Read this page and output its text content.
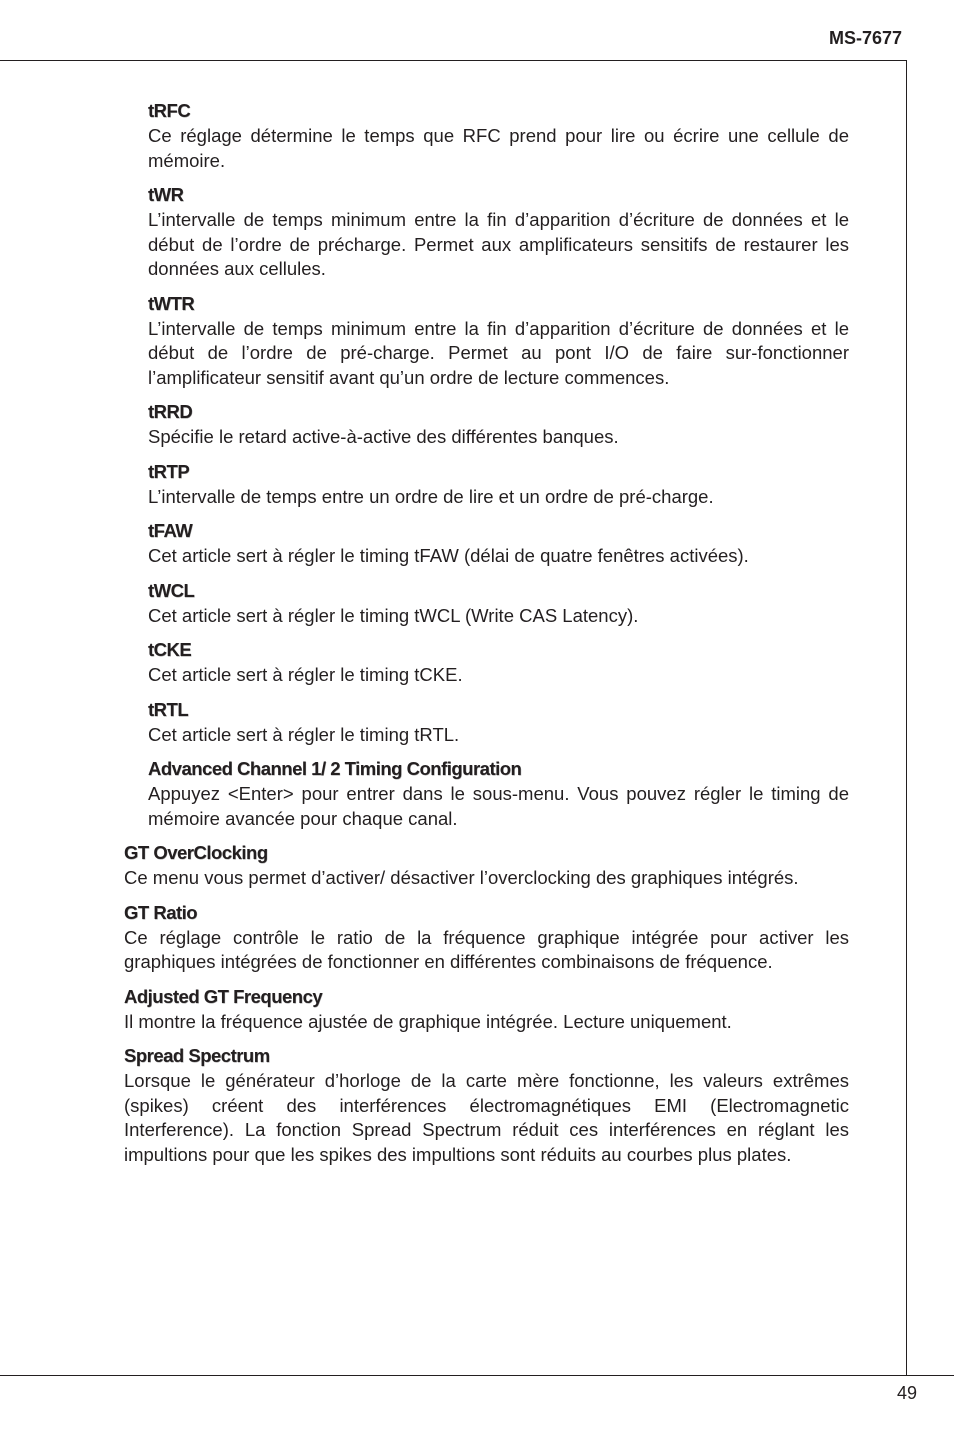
MS-7677
tRFC

Ce réglage détermine le temps que RFC prend pour lire ou écrire une cellule de mémoire.

tWR

L’intervalle de temps minimum entre la fin d’apparition d’écriture de données et le début de l’ordre de précharge. Permet aux amplificateurs sensitifs de restaurer les données aux cellules.

tWTR

L’intervalle de temps minimum entre la fin d’apparition d’écriture de données et le début de l’ordre de pré-charge. Permet au pont I/O de faire sur-fonctionner l’amplificateur sensitif avant qu’un ordre de lecture commences.

tRRD

Spécifie le retard active-à-active des différentes banques.

tRTP

L’intervalle de temps entre un ordre de lire et un ordre de pré-charge.

tFAW

Cet article sert à régler le timing tFAW (délai de quatre fenêtres activées).

tWCL

Cet article sert à régler le timing tWCL (Write CAS Latency).

tCKE

Cet article sert à régler le timing tCKE.

tRTL

Cet article sert à régler le timing tRTL.

Advanced Channel 1/ 2 Timing Configuration

Appuyez <Enter> pour entrer dans le sous-menu. Vous pouvez régler le timing de mémoire avancée pour chaque canal.

GT OverClocking

Ce menu vous permet d’activer/ désactiver l’overclocking des graphiques intégrés.

GT Ratio

Ce réglage contrôle le ratio de la fréquence graphique intégrée pour activer les graphiques intégrées de fonctionner en différentes combinaisons de fréquence.

Adjusted GT Frequency

Il montre la fréquence ajustée de graphique intégrée. Lecture uniquement.

Spread Spectrum

Lorsque le générateur d’horloge de la carte mère fonctionne, les valeurs extrêmes (spikes) créent des interférences électromagnétiques EMI (Electromagnetic Interference). La fonction Spread Spectrum réduit ces interférences en réglant les impultions pour que les spikes des impultions sont réduits au courbes plus plates.

49
